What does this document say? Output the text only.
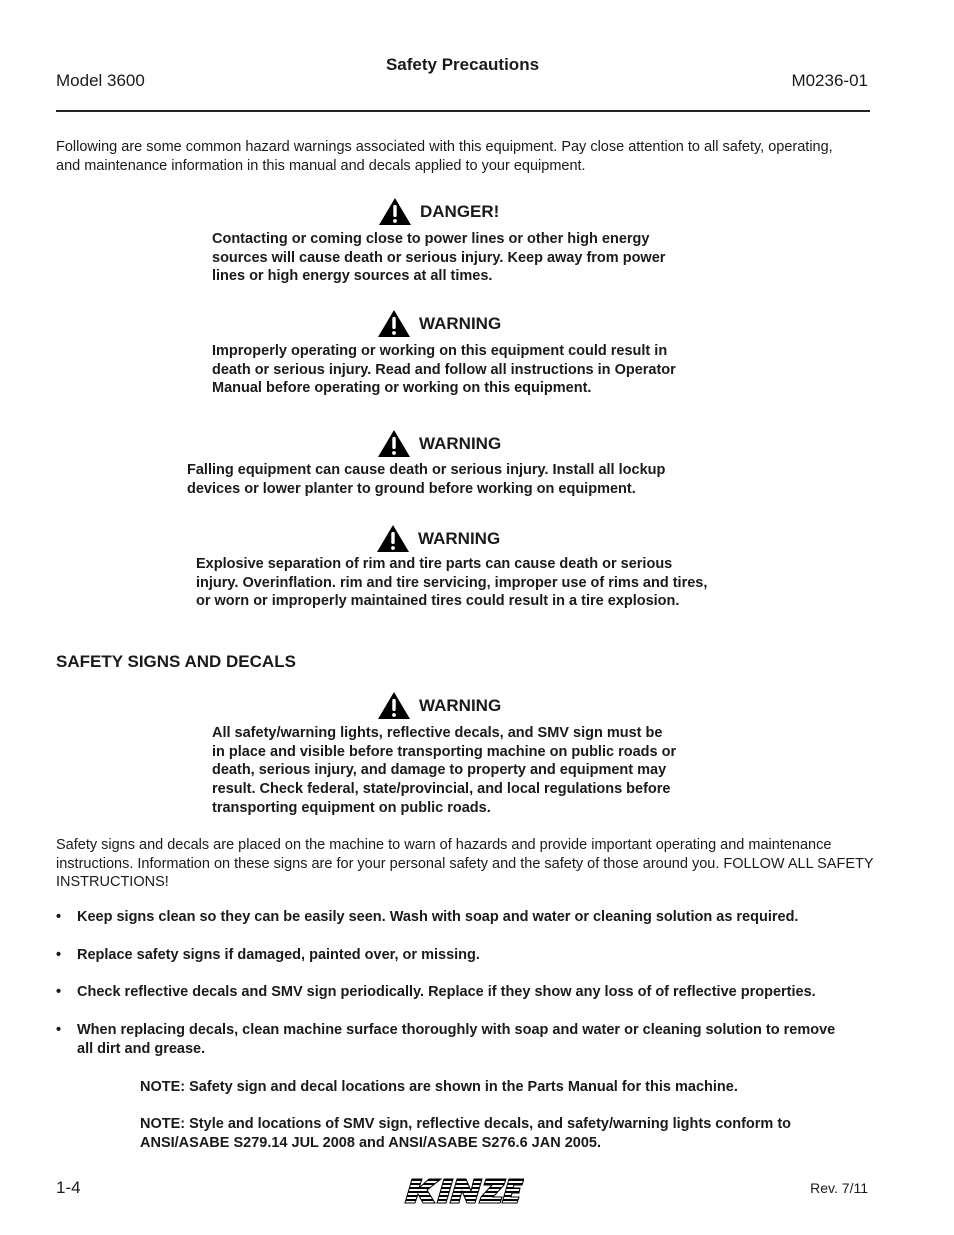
Model 3600
Safety Precautions
M0236-01
Following are some common hazard warnings associated with this equipment. Pay close attention to all safety, operating, and maintenance information in this manual and decals applied to your equipment.
DANGER!
Contacting or coming close to power lines or other high energy
sources will cause death or serious injury. Keep away from power
lines or high energy sources at all times.
WARNING
Improperly operating or working on this equipment could result in
death or serious injury. Read and follow all instructions in Operator
Manual before operating or working on this equipment.
WARNING
Falling equipment can cause death or serious injury. Install all lockup
devices or lower planter to ground before working on equipment.
WARNING
Explosive separation of rim and tire parts can cause death or serious
injury. Overinflation. rim and tire servicing, improper use of rims and tires,
or worn or improperly maintained tires could result in a tire explosion.
SAFETY SIGNS AND DECALS
WARNING
All safety/warning lights, reflective decals, and SMV sign must be
in place and visible before transporting machine on public roads or
death, serious injury, and damage to property and equipment may
result. Check federal, state/provincial, and local regulations before
transporting equipment on public roads.
Safety signs and decals are placed on the machine to warn of hazards and provide important operating and maintenance instructions. Information on these signs are for your personal safety and the safety of those around you. FOLLOW ALL SAFETY INSTRUCTIONS!
•	Keep signs clean so they can be easily seen. Wash with soap and water or cleaning solution as required.
•	Replace safety signs if damaged, painted over, or missing.
•	Check reflective decals and SMV sign periodically. Replace if they show any loss of of reflective properties.
•	When replacing decals, clean machine surface thoroughly with soap and water or cleaning solution to remove all dirt and grease.
NOTE: Safety sign and decal locations are shown in the Parts Manual for this machine.
NOTE: Style and locations of SMV sign, reflective decals, and safety/warning lights conform to ANSI/ASABE S279.14 JUL 2008 and ANSI/ASABE S276.6 JAN 2005.
1-4	Rev. 7/11
